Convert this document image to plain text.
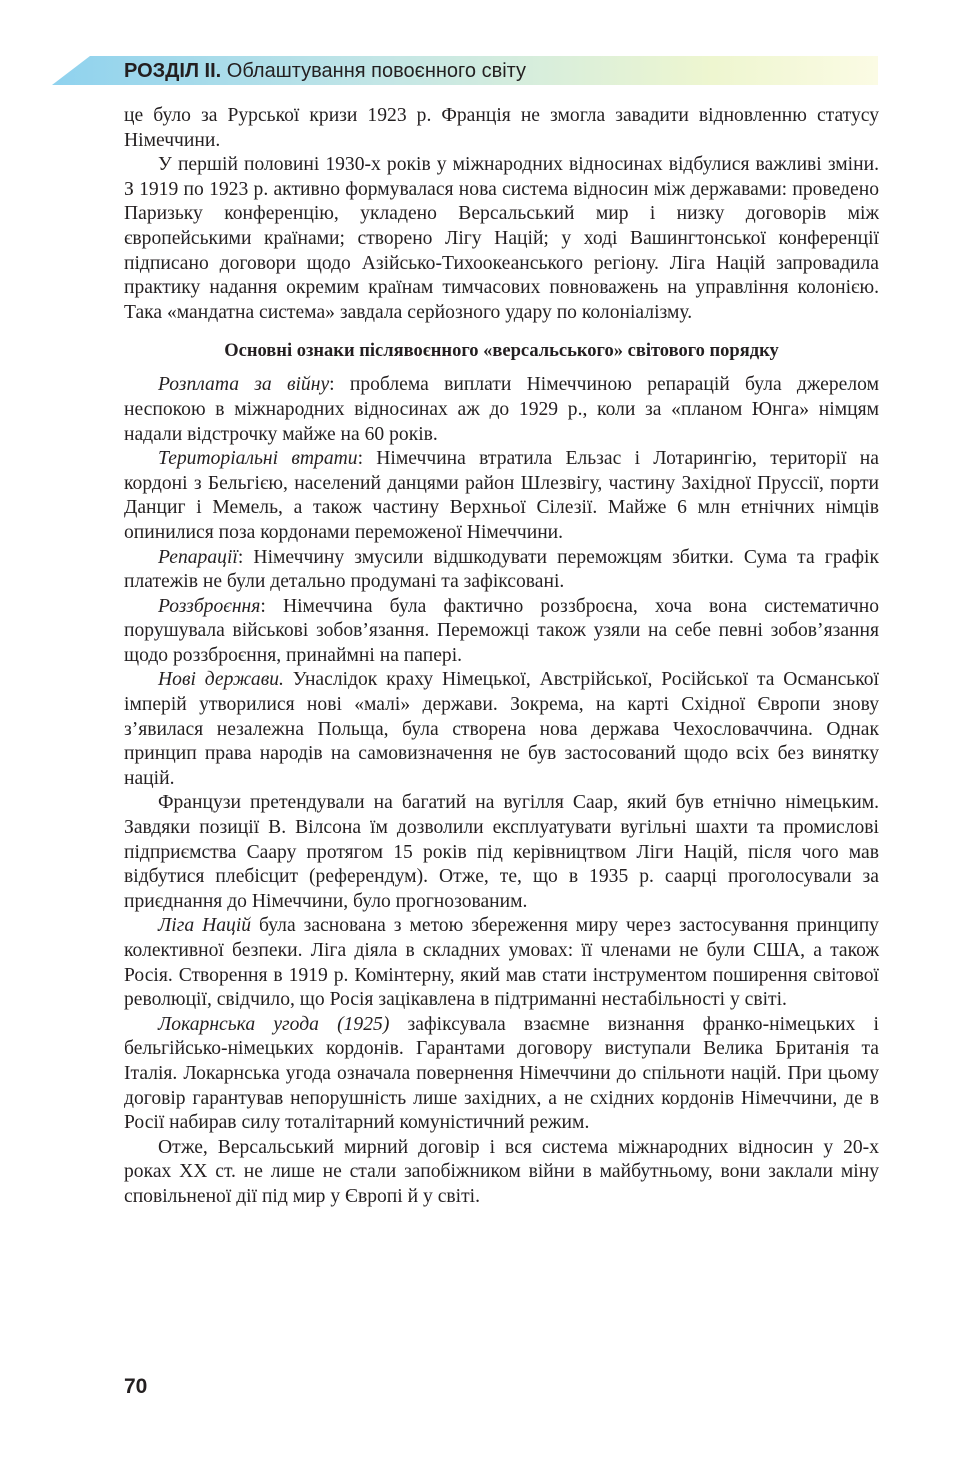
РОЗДІЛ II. Облаштування повоєнного світу

це було за Рурської кризи 1923 р. Франція не змогла завадити відновленню статусу Німеччини.

У першій половині 1930-х років у міжнародних відносинах відбулися важливі зміни. З 1919 по 1923 р. активно формувалася нова система відносин між державами: проведено Паризьку конференцію, укладено Версальський мир і низку договорів між європейськими країнами; створено Лігу Націй; у ході Вашингтонської конференції підписано договори щодо Азійсько-Тихоокеанського регіону. Ліга Націй запровадила практику надання окремим країнам тимчасових повноважень на управління колонією. Така «мандатна система» завдала серйозного удару по колоніалізму.

Основні ознаки післявоєнного «версальського» світового порядку

Розплата за війну: проблема виплати Німеччиною репарацій була джерелом неспокою в міжнародних відносинах аж до 1929 р., коли за «планом Юнга» німцям надали відстрочку майже на 60 років.

Територіальні втрати: Німеччина втратила Ельзас і Лотарингію, території на кордоні з Бельгією, населений данцями район Шлезвігу, частину Західної Пруссії, порти Данциг і Мемель, а також частину Верхньої Сілезії. Майже 6 млн етнічних німців опинилися поза кордонами переможеної Німеччини.

Репарації: Німеччину змусили відшкодувати переможцям збитки. Сума та графік платежів не були детально продумані та зафіксовані.

Роззброєння: Німеччина була фактично роззброєна, хоча вона систематично порушувала військові зобов’язання. Переможці також узяли на себе певні зобов’язання щодо роззброєння, принаймні на папері.

Нові держави. Унаслідок краху Німецької, Австрійської, Російської та Османської імперій утворилися нові «малі» держави. Зокрема, на карті Східної Європи знову з’явилася незалежна Польща, була створена нова держава Чехословаччина. Однак принцип права народів на самовизначення не був застосований щодо всіх без винятку націй.

Французи претендували на багатий на вугілля Саар, який був етнічно німецьким. Завдяки позиції В. Вілсона їм дозволили експлуатувати вугільні шахти та промислові підприємства Саару протягом 15 років під керівництвом Ліги Націй, після чого мав відбутися плебісцит (референдум). Отже, те, що в 1935 р. саарці проголосували за приєднання до Німеччини, було прогнозованим.

Ліга Націй була заснована з метою збереження миру через застосування принципу колективної безпеки. Ліга діяла в складних умовах: її членами не були США, а також Росія. Створення в 1919 р. Комінтерну, який мав стати інструментом поширення світової революції, свідчило, що Росія зацікавлена в підтриманні нестабільності у світі.

Локарнська угода (1925) зафіксувала взаємне визнання франко-німецьких і бельгійсько-німецьких кордонів. Гарантами договору виступали Велика Британія та Італія. Локарнська угода означала повернення Німеччини до спільноти націй. При цьому договір гарантував непорушність лише західних, а не східних кордонів Німеччини, де в Росії набирав силу тоталітарний комуністичний режим.

Отже, Версальський мирний договір і вся система міжнародних відносин у 20-х роках XX ст. не лише не стали запобіжником війни в майбутньому, вони заклали міну сповільненої дії під мир у Європі й у світі.

70
